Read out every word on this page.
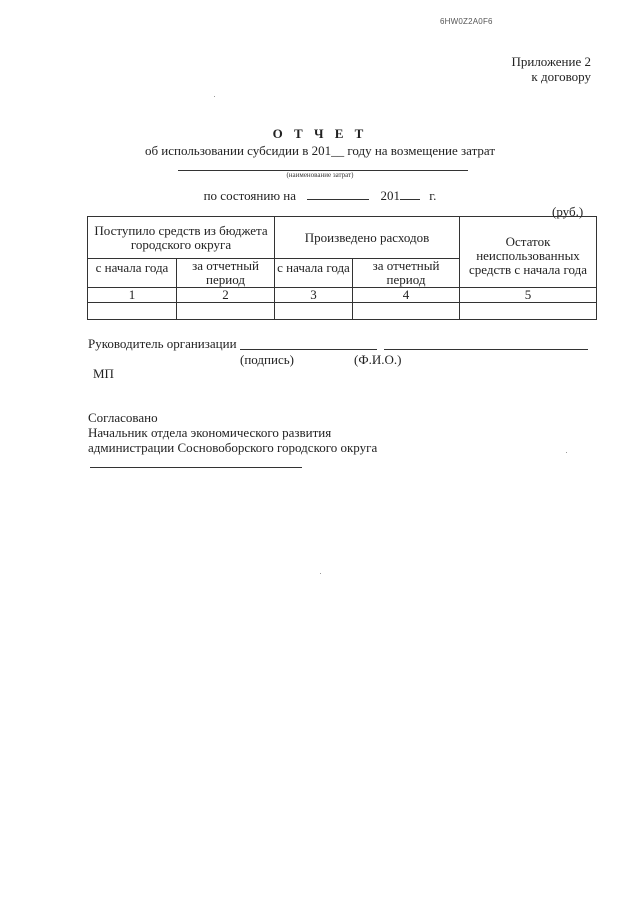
6HW0Z2A0F6
Приложение 2
к договору
О Т Ч Е Т
об использовании субсидии в 201__ году на возмещение затрат
(наименование затрат)
по состоянию на	201 г.
(руб.)
Поступило средств из бюджета городского округа		Произведено расходов		Остаток неиспользованных средств с начала года
с начала года	за отчетный период	с начала года	за отчетный период	
1	2	3	4	5

Руководитель организации
(подпись)	(Ф.И.О.)
МП
Согласовано
Начальник отдела экономического развития
администрации Сосновоборского городского округа
